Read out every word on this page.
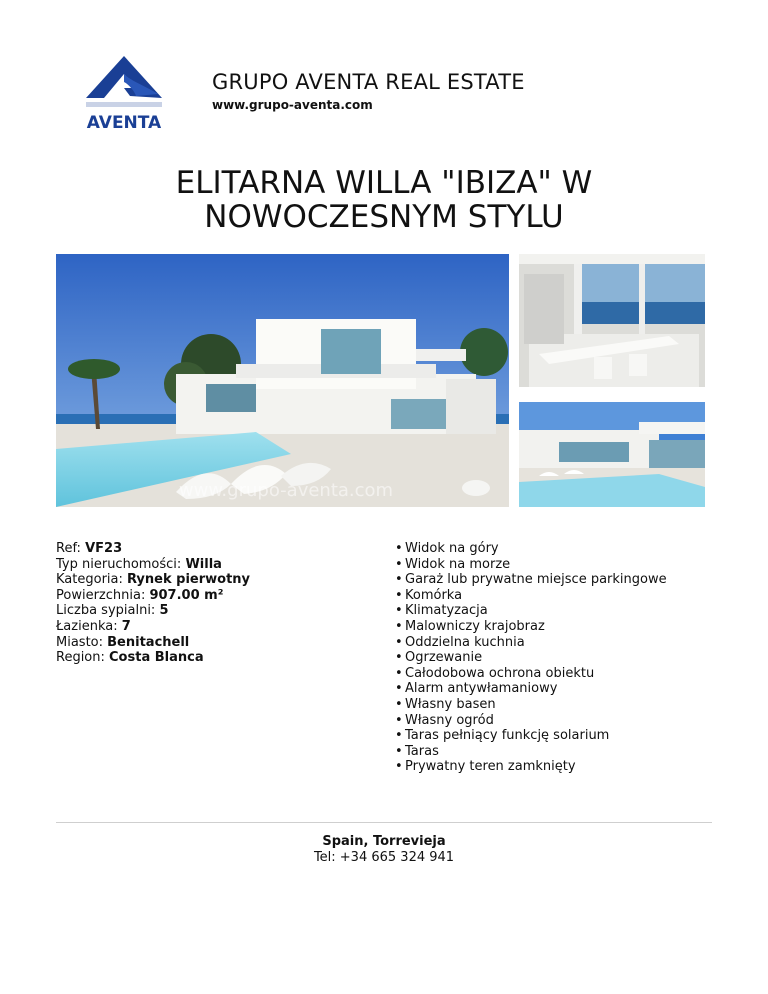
AVENTA
GRUPO AVENTA REAL ESTATE
www.grupo-aventa.com
ELITARNA WILLA "IBIZA" W NOWOCZESNYM STYLU
www.grupo-aventa.com
Ref: VF23
Typ nieruchomości: Willa
Kategoria: Rynek pierwotny
Powierzchnia: 907.00 m²
Liczba sypialni: 5
Łazienka: 7
Miasto: Benitachell
Region: Costa Blanca
• Widok na góry
• Widok na morze
• Garaż lub prywatne miejsce parkingowe
• Komórka
• Klimatyzacja
• Malowniczy krajobraz
• Oddzielna kuchnia
• Ogrzewanie
• Całodobowa ochrona obiektu
• Alarm antywłamaniowy
• Własny basen
• Własny ogród
• Taras pełniący funkcję solarium
• Taras
• Prywatny teren zamknięty
Spain, Torrevieja
Tel: +34 665 324 941
